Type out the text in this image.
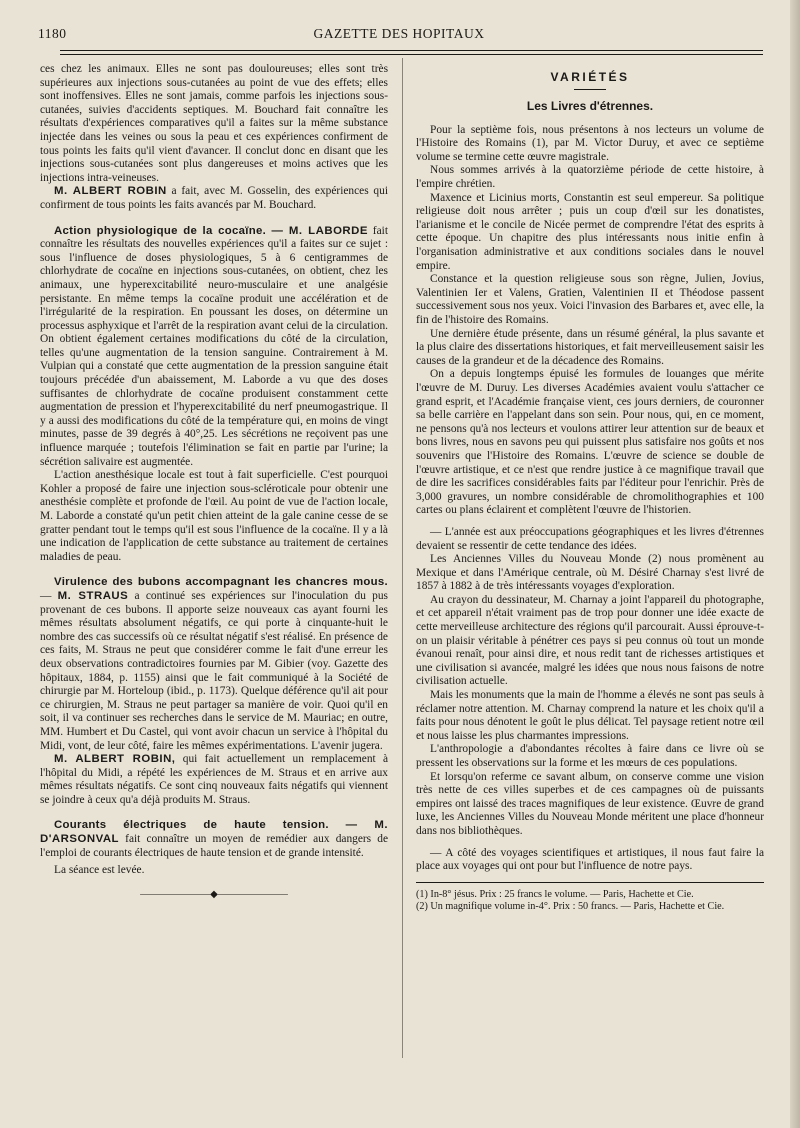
1180	GAZETTE DES HOPITAUX

ces chez les animaux. Elles ne sont pas douloureuses; elles sont très supérieures aux injections sous-cutanées au point de vue des effets; elles sont inoffensives. Elles ne sont jamais, comme parfois les injections sous-cutanées, suivies d'accidents septiques. M. Bouchard fait connaître les résultats d'expériences comparatives qu'il a faites sur la même substance injectée dans les veines ou sous la peau et ces expériences confirment de tous points les faits qu'il vient d'avancer. Il conclut donc en disant que les injections sous-cutanées sont plus dangereuses et moins actives que les injections intra-veineuses.

M. ALBERT ROBIN a fait, avec M. Gosselin, des expériences qui confirment de tous points les faits avancés par M. Bouchard.

Action physiologique de la cocaïne. — M. LABORDE fait connaître les résultats des nouvelles expériences qu'il a faites sur ce sujet : sous l'influence de doses physiologiques, 5 à 6 centigrammes de chlorhydrate de cocaïne en injections sous-cutanées, on obtient, chez les animaux, une hyperexcitabilité neuro-musculaire et une analgésie persistante. En même temps la cocaïne produit une accélération et de l'irrégularité de la respiration. En poussant les doses, on détermine un processus asphyxique et l'arrêt de la respiration avant celui de la circulation. On obtient également certaines modifications du côté de la circulation, telles qu'une augmentation de la tension sanguine. Contrairement à M. Vulpian qui a constaté que cette augmentation de la pression sanguine était toujours précédée d'un abaissement, M. Laborde a vu que des doses suffisantes de chlorhydrate de cocaïne produisent constamment cette augmentation de pression et l'hyperexcitabilité du nerf pneumogastrique. Il y a aussi des modifications du côté de la température qui, en moins de vingt minutes, passe de 39 degrés à 40°,25. Les sécrétions ne reçoivent pas une influence marquée ; toutefois l'élimination se fait en partie par l'urine; la sécrétion salivaire est augmentée.

L'action anesthésique locale est tout à fait superficielle. C'est pourquoi Kohler a proposé de faire une injection sous-scléroticale pour obtenir une anesthésie complète et profonde de l'œil. Au point de vue de l'action locale, M. Laborde a constaté qu'un petit chien atteint de la gale canine cesse de se gratter pendant tout le temps qu'il est sous l'influence de la cocaïne. Il y a là une indication de l'application de cette substance au traitement de certaines maladies de peau.

Virulence des bubons accompagnant les chancres mous. — M. STRAUS a continué ses expériences sur l'inoculation du pus provenant de ces bubons. Il apporte seize nouveaux cas ayant fourni les mêmes résultats absolument négatifs, ce qui porte à cinquante-huit le nombre des cas successifs où ce résultat négatif s'est réalisé. En présence de ces faits, M. Straus ne peut que considérer comme le fait d'une erreur les deux observations contradictoires fournies par M. Gibier (voy. Gazette des hôpitaux, 1884, p. 1155) ainsi que le fait communiqué à la Société de chirurgie par M. Horteloup (ibid., p. 1173). Quelque déférence qu'il ait pour ce chirurgien, M. Straus ne peut partager sa manière de voir. Quoi qu'il en soit, il va continuer ses recherches dans le service de M. Mauriac; en outre, MM. Humbert et Du Castel, qui vont avoir chacun un service à l'hôpital du Midi, vont, de leur côté, faire les mêmes expérimentations. L'avenir jugera.

M. ALBERT ROBIN, qui fait actuellement un remplacement à l'hôpital du Midi, a répété les expériences de M. Straus et en arrive aux mêmes résultats négatifs. Ce sont cinq nouveaux faits négatifs qui viennent se joindre à ceux qu'a déjà produits M. Straus.

Courants électriques de haute tension. — M. D'ARSONVAL fait connaître un moyen de remédier aux dangers de l'emploi de courants électriques de haute tension et de grande intensité.

La séance est levée.

———————◆———————
VARIÉTÉS
Les Livres d'étrennes.

Pour la septième fois, nous présentons à nos lecteurs un volume de l'Histoire des Romains (1), par M. Victor Duruy, et avec ce septième volume se termine cette œuvre magistrale.

Nous sommes arrivés à la quatorzième période de cette histoire, à l'empire chrétien.

Maxence et Licinius morts, Constantin est seul empereur. Sa politique religieuse doit nous arrêter ; puis un coup d'œil sur les donatistes, l'arianisme et le concile de Nicée permet de comprendre l'état des esprits à cette époque. Un chapitre des plus intéressants nous initie enfin à l'organisation administrative et aux conditions sociales dans le nouvel empire.

Constance et la question religieuse sous son règne, Julien, Jovius, Valentinien Ier et Valens, Gratien, Valentinien II et Théodose passent successivement sous nos yeux. Voici l'invasion des Barbares et, avec elle, la fin de l'histoire des Romains.

Une dernière étude présente, dans un résumé général, la plus savante et la plus claire des dissertations historiques, et fait merveilleusement saisir les causes de la grandeur et de la décadence des Romains.

On a depuis longtemps épuisé les formules de louanges que mérite l'œuvre de M. Duruy. Les diverses Académies avaient voulu s'attacher ce grand esprit, et l'Académie française vient, ces jours derniers, de couronner sa belle carrière en l'appelant dans son sein. Pour nous, qui, en ce moment, ne pensons qu'à nos lecteurs et voulons attirer leur attention sur de beaux et bons livres, nous en savons peu qui puissent plus satisfaire nos goûts et nos souvenirs que l'Histoire des Romains. L'œuvre de science se double de l'œuvre artistique, et ce n'est que rendre justice à ce magnifique travail que de dire les sacrifices considérables faits par l'éditeur pour l'enrichir. Près de 3,000 gravures, un nombre considérable de chromolithographies et 100 cartes ou plans éclairent et complètent l'œuvre de l'historien.

— L'année est aux préoccupations géographiques et les livres d'étrennes devaient se ressentir de cette tendance des idées.

Les Anciennes Villes du Nouveau Monde (2) nous promènent au Mexique et dans l'Amérique centrale, où M. Désiré Charnay s'est livré de 1857 à 1882 à de très intéressants voyages d'exploration.

Au crayon du dessinateur, M. Charnay a joint l'appareil du photographe, et cet appareil n'était vraiment pas de trop pour donner une idée exacte de cette merveilleuse architecture des régions qu'il parcourait. Aussi éprouve-t-on un plaisir véritable à pénétrer ces pays si peu connus où tout un monde évanoui renaît, pour ainsi dire, et nous redit tant de richesses artistiques et une civilisation si avancée, malgré les idées que nous nous faisons de notre civilisation actuelle.

Mais les monuments que la main de l'homme a élevés ne sont pas seuls à réclamer notre attention. M. Charnay comprend la nature et les choix qu'il a faits pour nous dénotent le goût le plus délicat. Tel paysage retient notre œil et nous laisse les plus charmantes impressions.

L'anthropologie a d'abondantes récoltes à faire dans ce livre où se pressent les observations sur la forme et les mœurs de ces populations.

Et lorsqu'on referme ce savant album, on conserve comme une vision très nette de ces villes superbes et de ces campagnes où de puissants empires ont laissé des traces magnifiques de leur existence. Œuvre de grand luxe, les Anciennes Villes du Nouveau Monde méritent une place d'honneur dans nos bibliothèques.

— A côté des voyages scientifiques et artistiques, il nous faut faire la place aux voyages qui ont pour but l'influence de notre pays.

(1) In-8° jésus. Prix : 25 francs le volume. — Paris, Hachette et Cie.

(2) Un magnifique volume in-4°. Prix : 50 francs. — Paris, Hachette et Cie.
